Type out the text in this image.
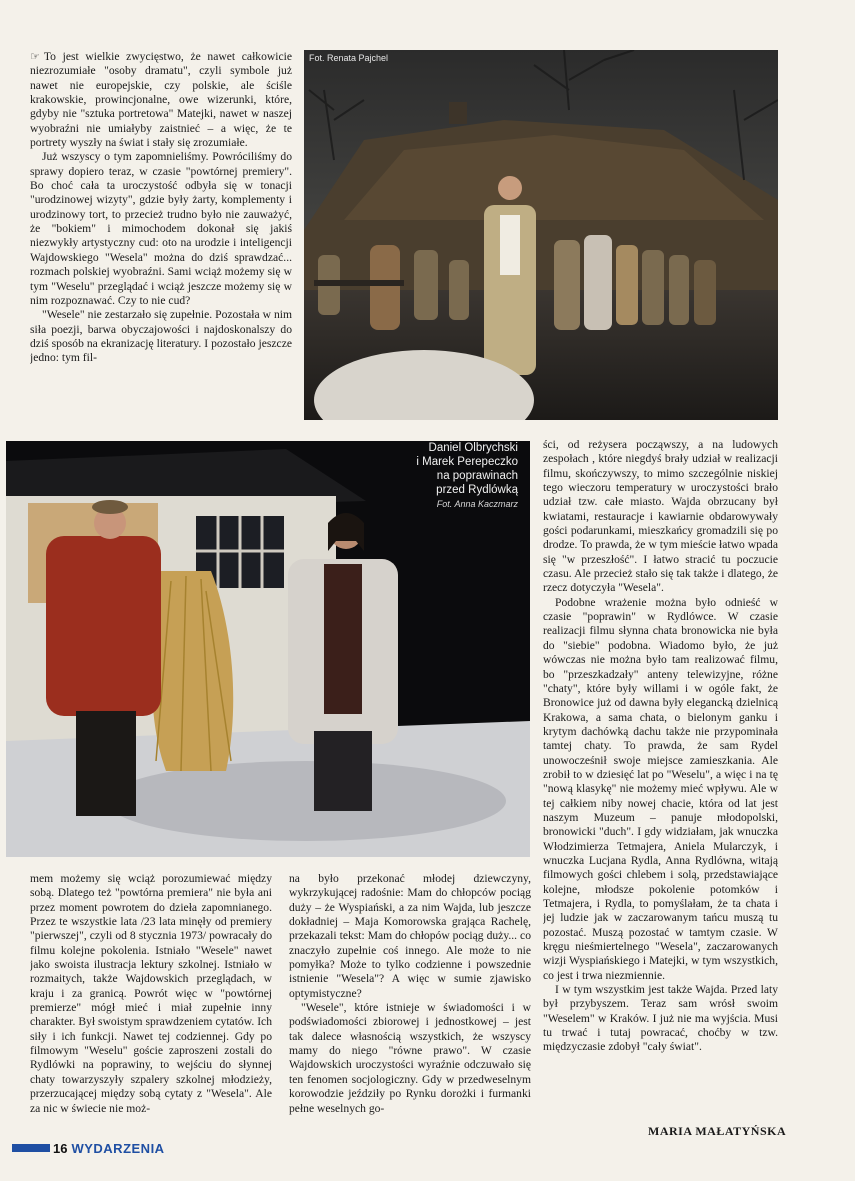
☞ To jest wielkie zwycięstwo, że nawet całkowicie niezrozumiałe "osoby dramatu", czyli symbole już nawet nie europejskie, czy polskie, ale ściśle krakowskie, prowincjonalne, owe wizerunki, które, gdyby nie "sztuka portretowa" Matejki, nawet w naszej wyobraźni nie umiałyby zaistnieć – a więc, że te portrety wyszły na świat i stały się zrozumiałe.

Już wszyscy o tym zapomnieliśmy. Powróciliśmy do sprawy dopiero teraz, w czasie "powtórnej premiery". Bo choć cała ta uroczystość odbyła się w tonacji "urodzinowej wizyty", gdzie były żarty, komplementy i urodzinowy tort, to przecież trudno było nie zauważyć, że "bokiem" i mimochodem dokonał się jakiś niezwykły artystyczny cud: oto na urodzie i inteligencji Wajdowskiego "Wesela" można do dziś sprawdzać... rozmach polskiej wyobraźni. Sami wciąż możemy się w tym "Weselu" przeglądać i wciąż jeszcze możemy się w nim rozpoznawać. Czy to nie cud?

"Wesele" nie zestarzało się zupełnie. Pozostała w nim siła poezji, barwa obyczajowości i najdoskonalszy do dziś sposób na ekranizację literatury. I pozostało jeszcze jedno: tym fil-

Fot. Renata Pajchel
Daniel Olbrychski
i Marek Perepeczko
na poprawinach
przed Rydlówką
Fot. Anna Kaczmarz

ści, od reżysera począwszy, a na ludowych zespołach , które niegdyś brały udział w realizacji filmu, skończywszy, to mimo szczególnie niskiej tego wieczoru temperatury w uroczystości brało udział tzw. całe miasto. Wajda obrzucany był kwiatami, restauracje i kawiarnie obdarowywały gości podarunkami, mieszkańcy gromadzili się po drodze. To prawda, że w tym mieście łatwo wpada się "w przeszłość". I łatwo stracić tu poczucie czasu. Ale przecież stało się tak także i dlatego, że rzecz dotyczyła "Wesela".

Podobne wrażenie można było odnieść w czasie "poprawin" w Rydlówce. W czasie realizacji filmu słynna chata bronowicka nie była do "siebie" podobna. Wiadomo było, że już wówczas nie można było tam realizować filmu, bo "przeszkadzały" anteny telewizyjne, różne "chaty", które były willami i w ogóle fakt, że Bronowice już od dawna były elegancką dzielnicą Krakowa, a sama chata, o bielonym ganku i krytym dachówką dachu także nie przypominała tamtej chaty. To prawda, że sam Rydel unowocześnił swoje miejsce zamieszkania. Ale zrobił to w dziesięć lat po "Weselu", a więc i na tę "nową klasykę" nie możemy mieć wpływu. Ale w tej całkiem niby nowej chacie, która od lat jest naszym Muzeum – panuje młodopolski, bronowicki "duch". I gdy widziałam, jak wnuczka Włodzimierza Tetmajera, Aniela Mularczyk, i wnuczka Lucjana Rydla, Anna Rydlówna, witają filmowych gości chlebem i solą, przedstawiające kolejne, młodsze pokolenie potomków i Tetmajera, i Rydla, to pomyślałam, że ta chata i jej ludzie jak w zaczarowanym tańcu muszą tu pozostać. Muszą pozostać w tamtym czasie. W kręgu nieśmiertelnego "Wesela", zaczarowanych wizji Wyspiańskiego i Matejki, w tym wszystkich, co jest i trwa niezmiennie.

I w tym wszystkim jest także Wajda. Przed laty był przybyszem. Teraz sam wrósł swoim "Weselem" w Kraków. I już nie ma wyjścia. Musi tu trwać i tutaj powracać, choćby w tzw. międzyczasie zdobył "cały świat".

mem możemy się wciąż porozumiewać między sobą. Dlatego też "powtórna premiera" nie była ani przez moment powrotem do dzieła zapomnianego. Przez te wszystkie lata /23 lata minęły od premiery "pierwszej", czyli od 8 stycznia 1973/ powracały do filmu kolejne pokolenia. Istniało "Wesele" nawet jako swoista ilustracja lektury szkolnej. Istniało w rozmaitych, także Wajdowskich przeglądach, w kraju i za granicą. Powrót więc w "powtórnej premierze" mógł mieć i miał zupełnie inny charakter. Był swoistym sprawdzeniem cytatów. Ich siły i ich funkcji. Nawet tej codziennej. Gdy po filmowym "Weselu" goście zaproszeni zostali do Rydlówki na poprawiny, to wejściu do słynnej chaty towarzyszyły szpalery szkolnej młodzieży, przerzucającej między sobą cytaty z "Wesela". Ale za nic w świecie nie moż-

na było przekonać młodej dziewczyny, wykrzykującej radośnie: Mam do chłopców pociąg duży – że Wyspiański, a za nim Wajda, lub jeszcze dokładniej – Maja Komorowska grająca Rachelę, przekazali tekst: Mam do chłopów pociąg duży... co znaczyło zupełnie coś innego. Ale może to nie pomyłka? Może to tylko codzienne i powszednie istnienie "Wesela"? A więc w sumie zjawisko optymistyczne?

"Wesele", które istnieje w świadomości i w podświadomości zbiorowej i jednostkowej – jest tak dalece własnością wszystkich, że wszyscy mamy do niego "równe prawo". W czasie Wajdowskich uroczystości wyraźnie odczuwało się ten fenomen socjologiczny. Gdy w przedweselnym korowodzie jeździły po Rynku dorożki i furmanki pełne weselnych go-

MARIA MAŁATYŃSKA
16 WYDARZENIA
